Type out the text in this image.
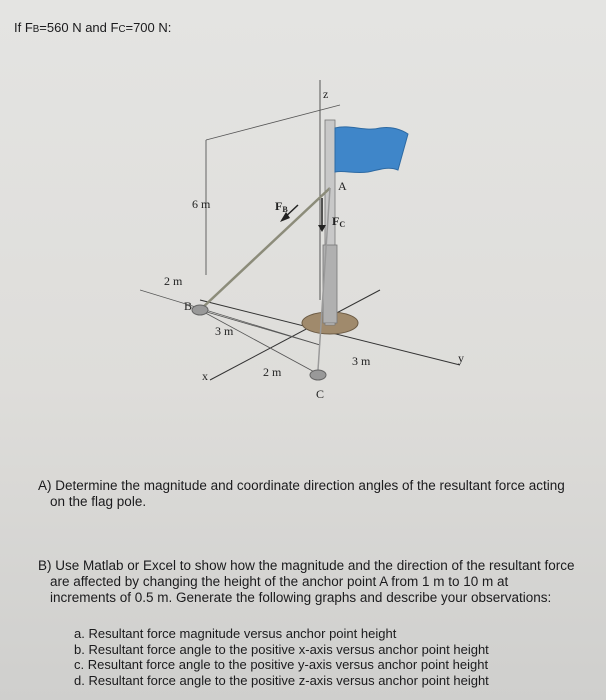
If FB=560 N and FC=700 N:
z
x
y
A
B
C
6 m
2 m
3 m
2 m
3 m
FB
FC
A) Determine the magnitude and coordinate direction angles of the resultant force acting
on the flag pole.
B) Use Matlab or Excel to show how the magnitude and the direction of the resultant force
are affected by changing the height of the anchor point A from 1 m to 10 m at
increments of 0.5 m. Generate the following graphs and describe your observations:
a. Resultant force magnitude versus anchor point height
b. Resultant force angle to the positive x-axis versus anchor point height
c. Resultant force angle to the positive y-axis versus anchor point height
d. Resultant force angle to the positive z-axis versus anchor point height
